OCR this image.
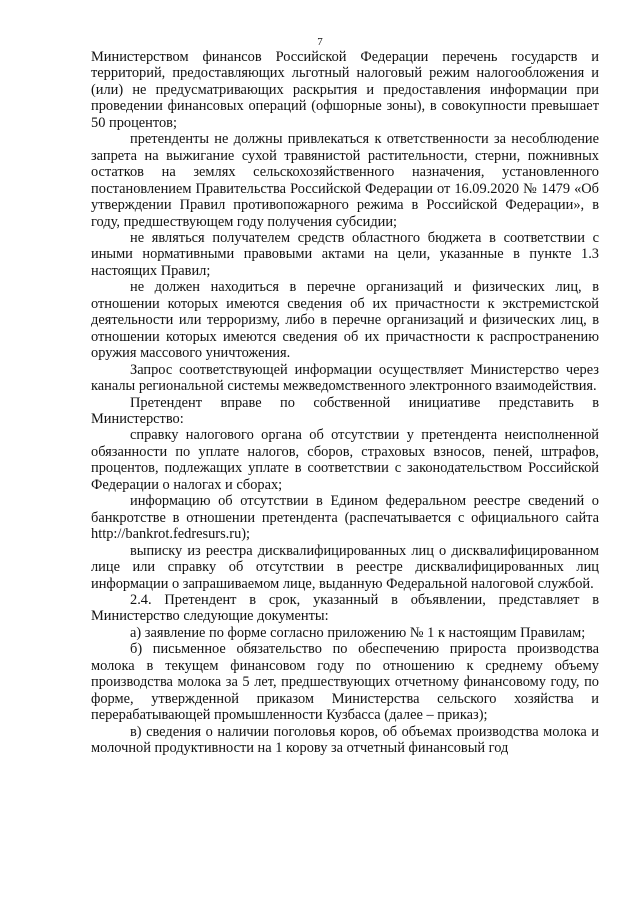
7

Министерством финансов Российской Федерации перечень государств и территорий, предоставляющих льготный налоговый режим налогообложения и (или) не предусматривающих раскрытия и предоставления информации при проведении финансовых операций (офшорные зоны), в совокупности превышает 50 процентов;

претенденты не должны привлекаться к ответственности за несоблюдение запрета на выжигание сухой травянистой растительности, стерни, пожнивных остатков на землях сельскохозяйственного назначения, установленного постановлением Правительства Российской Федерации от 16.09.2020 № 1479 «Об утверждении Правил противопожарного режима в Российской Федерации», в году, предшествующем году получения субсидии;

не являться получателем средств областного бюджета в соответствии с иными нормативными правовыми актами на цели, указанные в пункте 1.3 настоящих Правил;

не должен находиться в перечне организаций и физических лиц, в отношении которых имеются сведения об их причастности к экстремистской деятельности или терроризму, либо в перечне организаций и физических лиц, в отношении которых имеются сведения об их причастности к распространению оружия массового уничтожения.

Запрос соответствующей информации осуществляет Министерство через каналы региональной системы межведомственного электронного взаимодействия.

Претендент вправе по собственной инициативе представить в Министерство:

справку налогового органа об отсутствии у претендента неисполненной обязанности по уплате налогов, сборов, страховых взносов, пеней, штрафов, процентов, подлежащих уплате в соответствии с законодательством Российской Федерации о налогах и сборах;

информацию об отсутствии в Едином федеральном реестре сведений о банкротстве в отношении претендента (распечатывается с официального сайта http://bankrot.fedresurs.ru);

выписку из реестра дисквалифицированных лиц о дисквалифицированном лице или справку об отсутствии в реестре дисквалифицированных лиц информации о запрашиваемом лице, выданную Федеральной налоговой службой.

2.4. Претендент в срок, указанный в объявлении, представляет в Министерство следующие документы:

а) заявление по форме согласно приложению № 1 к настоящим Правилам;

б) письменное обязательство по обеспечению прироста производства молока в текущем финансовом году по отношению к среднему объему производства молока за 5 лет, предшествующих отчетному финансовому году, по форме, утвержденной приказом Министерства сельского хозяйства и перерабатывающей промышленности Кузбасса (далее – приказ);

в) сведения о наличии поголовья коров, об объемах производства молока и молочной продуктивности на 1 корову за отчетный финансовый год
